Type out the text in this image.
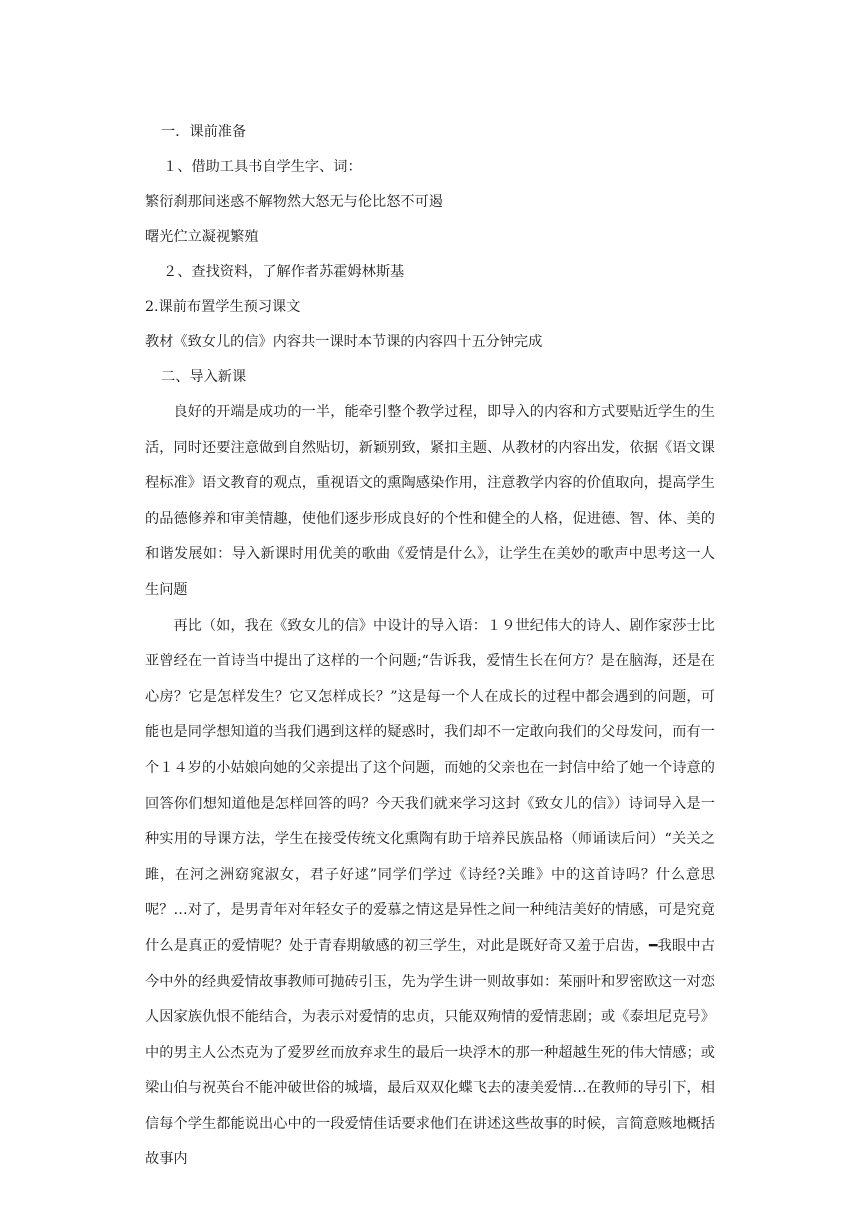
一．课前准备
１、借助工具书自学生字、词：
繁衍刹那间迷惑不解物然大怒无与伦比怒不可遏
曙光伫立凝视繁殖
２、查找资料，了解作者苏霍姆林斯基
2.课前布置学生预习课文
教材《致女儿的信》内容共一课时本节课的内容四十五分钟完成
二、导入新课

良好的开端是成功的一半，能牵引整个教学过程，即导入的内容和方式要贴近学生的生活，同时还要注意做到自然贴切，新颖别致，紧扣主题、从教材的内容出发，依据《语文课程标准》语文教育的观点，重视语文的熏陶感染作用，注意教学内容的价值取向，提高学生的品德修养和审美情趣，使他们逐步形成良好的个性和健全的人格，促进德、智、体、美的和谐发展如：导入新课时用优美的歌曲《爱情是什么》，让学生在美妙的歌声中思考这一人生问题

再比（如，我在《致女儿的信》中设计的导入语：１９世纪伟大的诗人、剧作家莎士比亚曾经在一首诗当中提出了这样的一个问题;“告诉我，爱情生长在何方？是在脑海，还是在心房？它是怎样发生？它又怎样成长？”这是每一个人在成长的过程中都会遇到的问题，可能也是同学想知道的当我们遇到这样的疑惑时，我们却不一定敢向我们的父母发问，而有一个１４岁的小姑娘向她的父亲提出了这个问题，而她的父亲也在一封信中给了她一个诗意的回答你们想知道他是怎样回答的吗？今天我们就来学习这封《致女儿的信》）诗词导入是一种实用的导课方法，学生在接受传统文化熏陶有助于培养民族品格（师诵读后问）“关关之雎，在河之洲窈窕淑女，君子好逑”同学们学过《诗经?关雎》中的这首诗吗？什么意思呢？…对了，是男青年对年轻女子的爱慕之情这是异性之间一种纯洁美好的情感，可是究竟什么是真正的爱情呢？处于青春期敏感的初三学生，对此是既好奇又羞于启齿，━我眼中古今中外的经典爱情故事教师可抛砖引玉，先为学生讲一则故事如：茱丽叶和罗密欧这一对恋人因家族仇恨不能结合，为表示对爱情的忠贞，只能双殉情的爱情悲剧；或《泰坦尼克号》中的男主人公杰克为了爱罗丝而放弃求生的最后一块浮木的那一种超越生死的伟大情感；或梁山伯与祝英台不能冲破世俗的城墙，最后双双化蝶飞去的凄美爱情…在教师的导引下，相信每个学生都能说出心中的一段爱情佳话要求他们在讲述这些故事的时候，言简意赅地概括故事内
